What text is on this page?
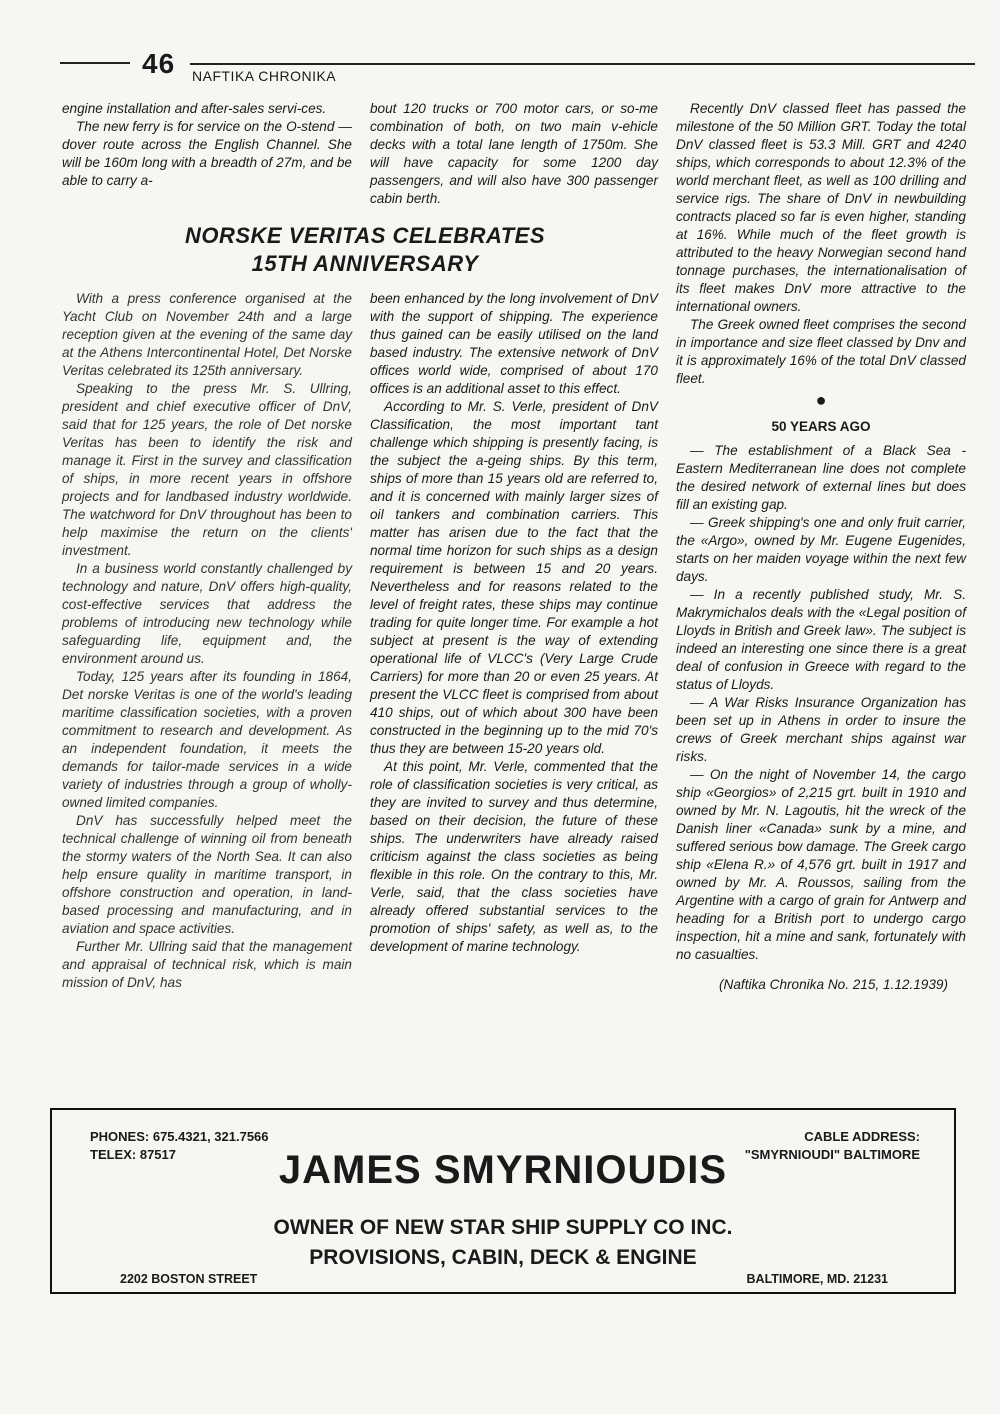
46 NAFTIKA CHRONIKA

engine installation and after-sales servi-ces.

The new ferry is for service on the O-stend — dover route across the English Channel. She will be 160m long with a breadth of 27m, and be able to carry a-

bout 120 trucks or 700 motor cars, or so-me combination of both, on two main v-ehicle decks with a total lane length of 1750m. She will have capacity for some 1200 day passengers, and will also have 300 passenger cabin berth.

NORSKE VERITAS CELEBRATES
15TH ANNIVERSARY

With a press conference organised at the Yacht Club on November 24th and a large reception given at the evening of the same day at the Athens Intercontinental Hotel, Det Norske Veritas celebrated its 125th anniversary.

Speaking to the press Mr. S. Ullring, president and chief executive officer of DnV, said that for 125 years, the role of Det norske Veritas has been to identify the risk and manage it. First in the survey and classification of ships, in more recent years in offshore projects and for landbased industry worldwide. The watchword for DnV throughout has been to help maximise the return on the clients' investment.

In a business world constantly challenged by technology and nature, DnV offers high-quality, cost-effective services that address the problems of introducing new technology while safeguarding life, equipment and, the environment around us.

Today, 125 years after its founding in 1864, Det norske Veritas is one of the world's leading maritime classification societies, with a proven commitment to research and development. As an independent foundation, it meets the demands for tailor-made services in a wide variety of industries through a group of wholly-owned limited companies.

DnV has successfully helped meet the technical challenge of winning oil from beneath the stormy waters of the North Sea. It can also help ensure quality in maritime transport, in offshore construction and operation, in land-based processing and manufacturing, and in aviation and space activities.

Further Mr. Ullring said that the management and appraisal of technical risk, which is main mission of DnV, has

been enhanced by the long involvement of DnV with the support of shipping. The experience thus gained can be easily utilised on the land based industry. The extensive network of DnV offices world wide, comprised of about 170 offices is an additional asset to this effect.

According to Mr. S. Verle, president of DnV Classification, the most important tant challenge which shipping is presently facing, is the subject the a-geing ships. By this term, ships of more than 15 years old are referred to, and it is concerned with mainly larger sizes of oil tankers and combination carriers. This matter has arisen due to the fact that the normal time horizon for such ships as a design requirement is between 15 and 20 years. Nevertheless and for reasons related to the level of freight rates, these ships may continue trading for quite longer time. For example a hot subject at present is the way of extending operational life of VLCC's (Very Large Crude Carriers) for more than 20 or even 25 years. At present the VLCC fleet is comprised from about 410 ships, out of which about 300 have been constructed in the beginning up to the mid 70's thus they are between 15-20 years old.

At this point, Mr. Verle, commented that the role of classification societies is very critical, as they are invited to survey and thus determine, based on their decision, the future of these ships. The underwriters have already raised criticism against the class societies as being flexible in this role. On the contrary to this, Mr. Verle, said, that the class societies have already offered substantial services to the promotion of ships' safety, as well as, to the development of marine technology.

Recently DnV classed fleet has passed the milestone of the 50 Million GRT. Today the total DnV classed fleet is 53.3 Mill. GRT and 4240 ships, which corresponds to about 12.3% of the world merchant fleet, as well as 100 drilling and service rigs. The share of DnV in newbuilding contracts placed so far is even higher, standing at 16%. While much of the fleet growth is attributed to the heavy Norwegian second hand tonnage purchases, the internationalisation of its fleet makes DnV more attractive to the international owners.

The Greek owned fleet comprises the second in importance and size fleet classed by Dnv and it is approximately 16% of the total DnV classed fleet.

●
50 YEARS AGO

— The establishment of a Black Sea - Eastern Mediterranean line does not complete the desired network of external lines but does fill an existing gap.

— Greek shipping's one and only fruit carrier, the «Argo», owned by Mr. Eugene Eugenides, starts on her maiden voyage within the next few days.

— In a recently published study, Mr. S. Makrymichalos deals with the «Legal position of Lloyds in British and Greek law». The subject is indeed an interesting one since there is a great deal of confusion in Greece with regard to the status of Lloyds.

— A War Risks Insurance Organization has been set up in Athens in order to insure the crews of Greek merchant ships against war risks.

— On the night of November 14, the cargo ship «Georgios» of 2,215 grt. built in 1910 and owned by Mr. N. Lagoutis, hit the wreck of the Danish liner «Canada» sunk by a mine, and suffered serious bow damage. The Greek cargo ship «Elena R.» of 4,576 grt. built in 1917 and owned by Mr. A. Roussos, sailing from the Argentine with a cargo of grain for Antwerp and heading for a British port to undergo cargo inspection, hit a mine and sank, fortunately with no casualties.

(Naftika Chronika No. 215, 1.12.1939)

PHONES: 675.4321, 321.7566
TELEX: 87517
CABLE ADDRESS:
"SMYRNIOUDI" BALTIMORE
JAMES SMYRNIOUDIS
OWNER OF NEW STAR SHIP SUPPLY CO INC.
PROVISIONS, CABIN, DECK & ENGINE
2202 BOSTON STREET	BALTIMORE, MD. 21231
